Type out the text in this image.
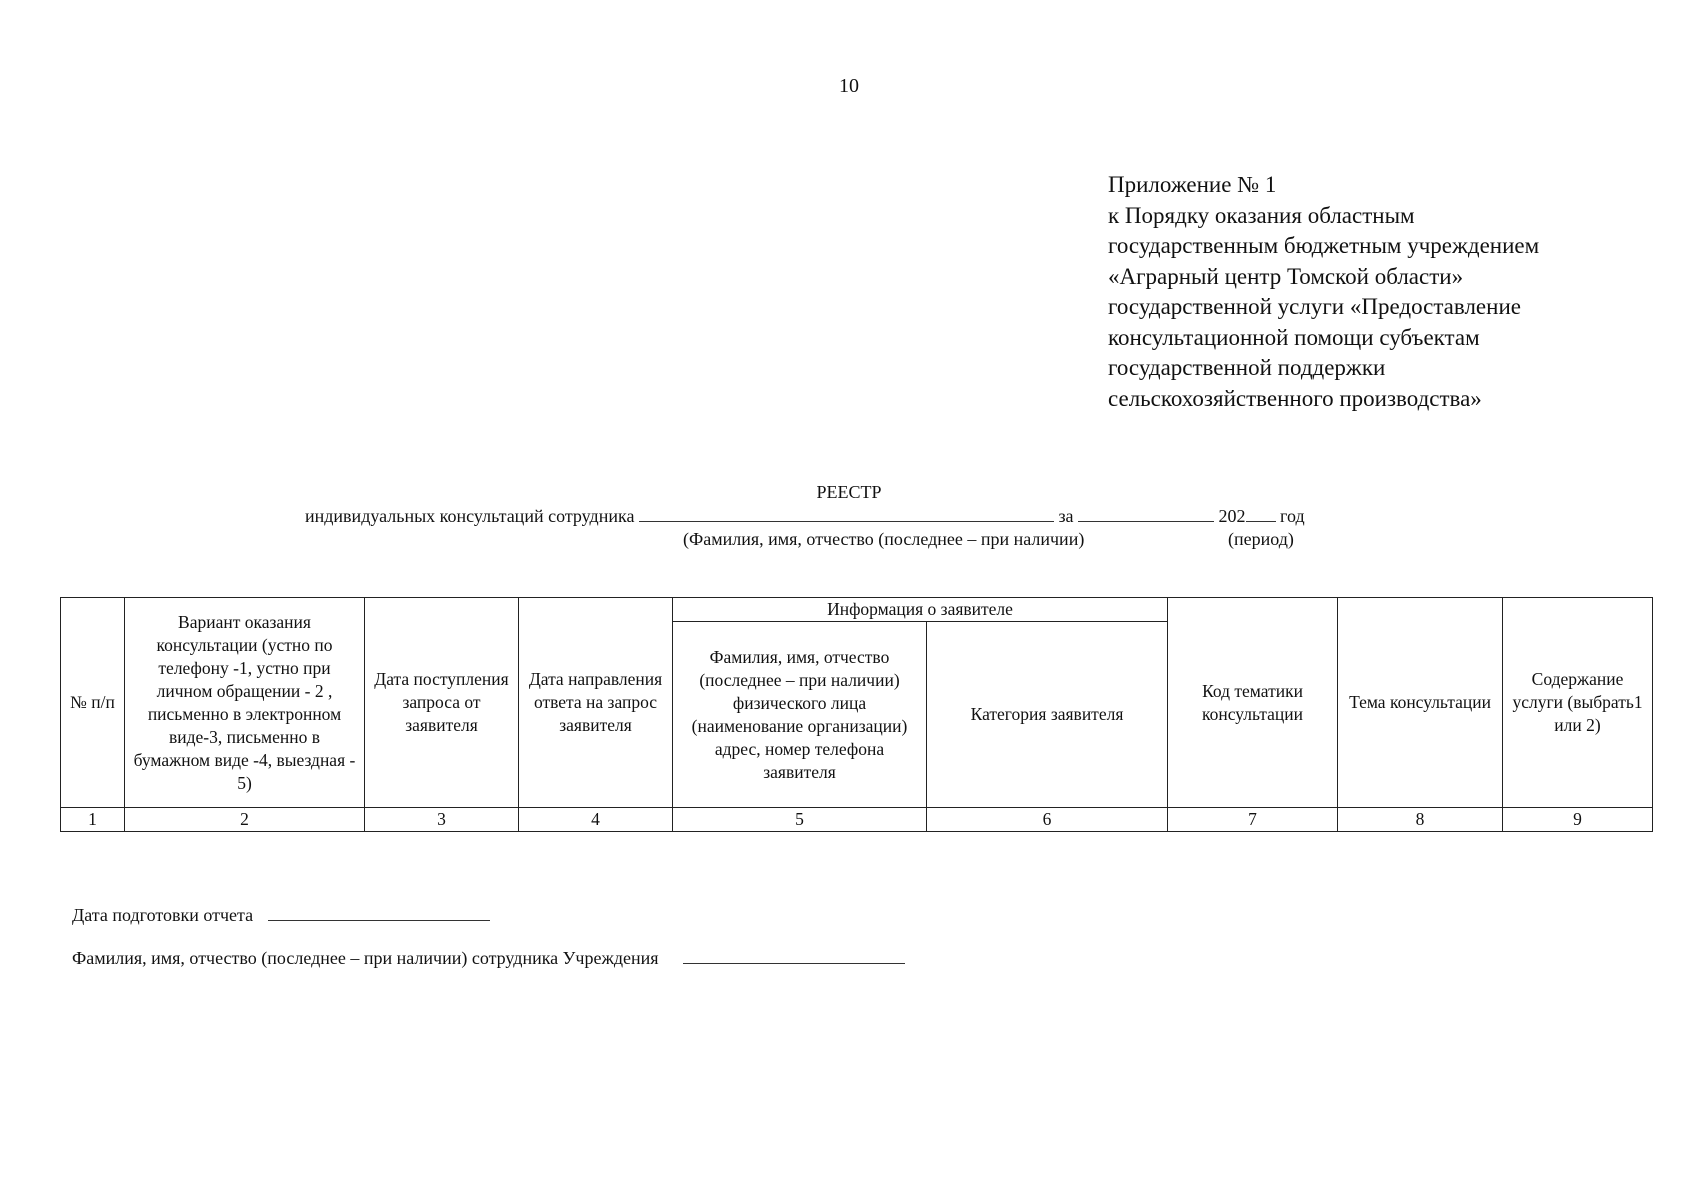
10
Приложение № 1
к Порядку оказания областным
государственным бюджетным учреждением
«Аграрный центр Томской области»
государственной услуги «Предоставление
консультационной помощи субъектам
государственной поддержки
сельскохозяйственного производства»
РЕЕСТР
индивидуальных консультаций сотрудника	за	202 год
(Фамилия, имя, отчество (последнее – при наличии)	(период)
№ п/п	Вариант оказания консультации (устно по телефону -1, устно при личном обращении - 2 , письменно в электронном виде-3, письменно в бумажном виде -4, выездная - 5)	Дата поступления запроса от заявителя	Дата направления ответа на запрос заявителя	Информация о заявителе		Код тематики консультации	Тема консультации	Содержание услуги (выбрать1 или 2)
				Фамилия, имя, отчество (последнее – при наличии) физического лица (наименование организации) адрес, номер телефона заявителя	Категория заявителя			
1	2	3	4	5	6	7	8	9
Дата подготовки отчета
Фамилия, имя, отчество (последнее – при наличии) сотрудника Учреждения
